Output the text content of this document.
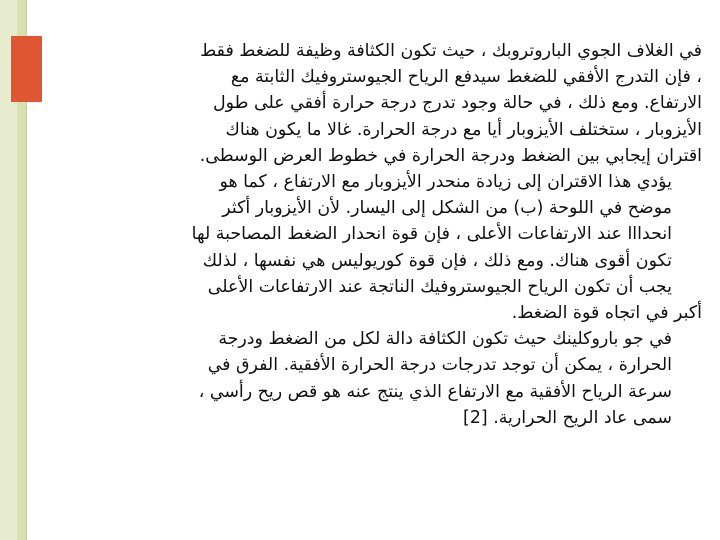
في الغلاف الجوي الباروتروبك ، حيث تكون الكثافة وظيفة للضغط فقط
، فإن التدرج الأفقي للضغط سيدفع الرياح الجيوستروفيك الثابتة مع
الارتفاع. ومع ذلك ، في حالة وجود تدرج درجة حرارة أفقي على طول
الأيزوبار ، ستختلف الأيزوبار أيا مع درجة الحرارة. غالا ما يكون هناك
اقتران إيجابي بين الضغط ودرجة الحرارة في خطوط العرض الوسطى.

يؤدي هذا الاقتران إلى زيادة منحدر الأيزوبار مع الارتفاع ، كما هو
موضح في اللوحة (ب) من الشكل إلى اليسار. لأن الأيزوبار أكثر
انحدااا عند الارتفاعات الأعلى ، فإن قوة انحدار الضغط المصاحبة لها
تكون أقوى هناك. ومع ذلك ، فإن قوة كوريوليس هي نفسها ، لذلك
يجب أن تكون الرياح الجيوستروفيك الناتجة عند الارتفاعات الأعلى
أكبر في اتجاه قوة الضغط.

في جو باروكلينك حيث تكون الكثافة دالة لكل من الضغط ودرجة
الحرارة ، يمكن أن توجد تدرجات درجة الحرارة الأفقية. الفرق في
سرعة الرياح الأفقية مع الارتفاع الذي ينتج عنه هو قص ريح رأسي ،
سمى عاد الريح الحرارية. [2]
